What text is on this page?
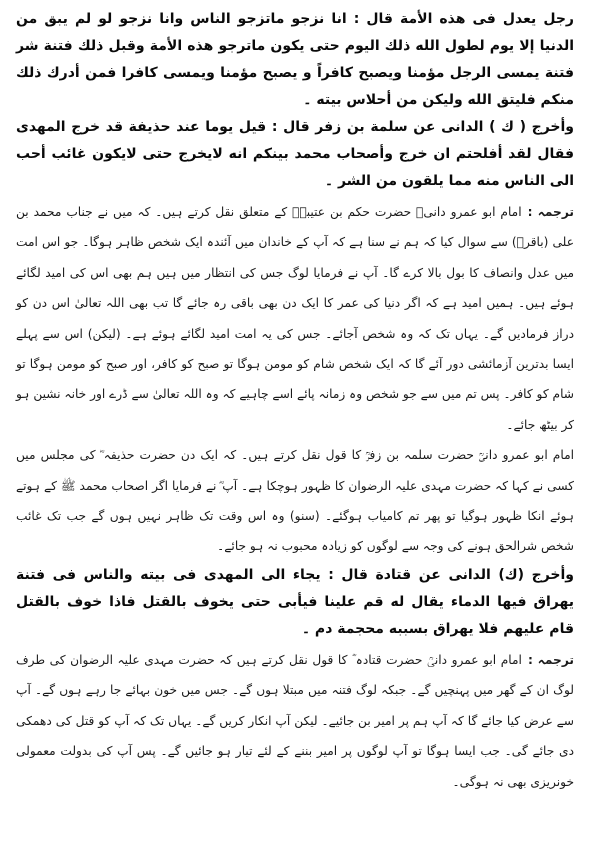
رجل يعدل فى هذه الأمة قال : انا نزجو ماتزجو الناس وانا نزجو لو لم يبق من الدنيا إلا يوم لطول الله ذلك اليوم حتى يكون ماترجو هذه الأمة وقبل ذلك فتنة شر فتنة يمسى الرجل مؤمنا ويصبح كافراً و يصبح مؤمنا ويمسى كافرا فمن أدرك ذلك منكم فليتق الله وليكن من أحلاس بيته ۔

وأخرج ( ك ) الدانى عن سلمة بن زفر قال : قيل يوما عند حذيفة قد خرج المهدى فقال لقد أفلحتم ان خرج وأصحاب محمد بينكم انه لايخرج حتى لايكون غائب أحب الى الناس منه مما يلقون من الشر ۔

ترجمہ :امام ابو عمرو دانیؒ حضرت حکم بن عتیبہؒ کے متعلق نقل کرتے ہیں۔ کہ میں نے جناب محمد بن علی (باقرؒ) سے سوال کیا کہ ہم نے سنا ہے کہ آپ کے خاندان میں آئندہ ایک شخص ظاہر ہوگا۔ جو اس امت میں عدل وانصاف کا بول بالا کرے گا۔ آپ نے فرمایا لوگ جس کی انتظار میں ہیں ہم بھی اس کی امید لگائے ہوئے ہیں۔ ہمیں امید ہے کہ اگر دنیا کی عمر کا ایک دن بھی باقی رہ جائے گا تب بھی اللہ تعالیٰ اس دن کو دراز فرمادیں گے۔ یہاں تک کہ وہ شخص آجائے۔ جس کی یہ امت امید لگائے ہوئے ہے۔ (لیکن) اس سے پہلے ایسا بدترین آزمائشی دور آئے گا کہ ایک شخص شام کو مومن ہوگا تو صبح کو کافر، اور صبح کو مومن ہوگا تو شام کو کافر۔ پس تم میں سے جو شخص وہ زمانہ پائے اسے چاہیے کہ وہ اللہ تعالیٰ سے ڈرے اور خانہ نشین ہو کر بیٹھ جائے۔

امام ابو عمرو دانیؒ حضرت سلمہ بن زفرؒ کا قول نقل کرتے ہیں۔ کہ ایک دن حضرت حذیفہ ؓ کی مجلس میں کسی نے کہا کہ حضرت مہدی علیہ الرضوان کا ظہور ہوچکا ہے۔ آپ ؓ نے فرمایا اگر اصحاب محمد ﷺ کے ہوتے ہوئے انکا ظہور ہوگیا تو پھر تم کامیاب ہوگئے۔ (سنو) وہ اس وقت تک ظاہر نہیں ہوں گے جب تک غائب شخص شرالحق ہونے کی وجہ سے لوگوں کو زیادہ محبوب نہ ہو جائے۔

وأخرج (ك) الدانى عن قتادة قال : يجاء الى المهدى فى بيته والناس فى فتنة يهراق فيها الدماء يقال له قم علينا فيأبى حتى يخوف بالقتل فاذا خوف بالقتل قام عليهم فلا يهراق بسببه محجمة دم ۔

ترجمہ :امام ابو عمرو دانیؒ حضرت قتادہ ؓ کا قول نقل کرتے ہیں کہ حضرت مہدی علیہ الرضوان کی طرف لوگ ان کے گھر میں پہنچیں گے۔ جبکہ لوگ فتنہ میں مبتلا ہوں گے۔ جس میں خون بہائے جا رہے ہوں گے۔ آپ سے عرض کیا جائے گا کہ آپ ہم پر امیر بن جائیے۔ لیکن آپ انکار کریں گے۔ یہاں تک کہ آپ کو قتل کی دھمکی دی جائے گی۔ جب ایسا ہوگا تو آپ لوگوں پر امیر بننے کے لئے تیار ہو جائیں گے۔ پس آپ کی بدولت معمولی خونریزی بھی نہ ہوگی۔
